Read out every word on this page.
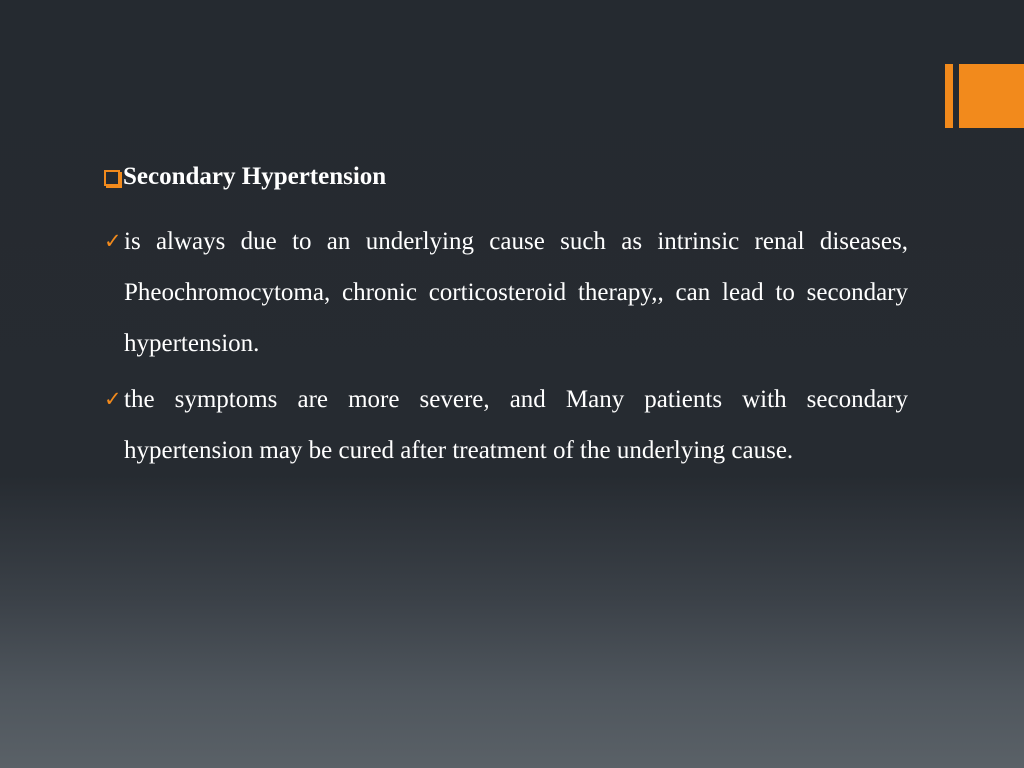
Secondary Hypertension
✓ is always due to an underlying cause such as intrinsic renal diseases, Pheochromocytoma, chronic corticosteroid therapy,, can lead to secondary hypertension.
✓ the symptoms are more severe, and Many patients with secondary hypertension may be cured after treatment of the underlying cause.
